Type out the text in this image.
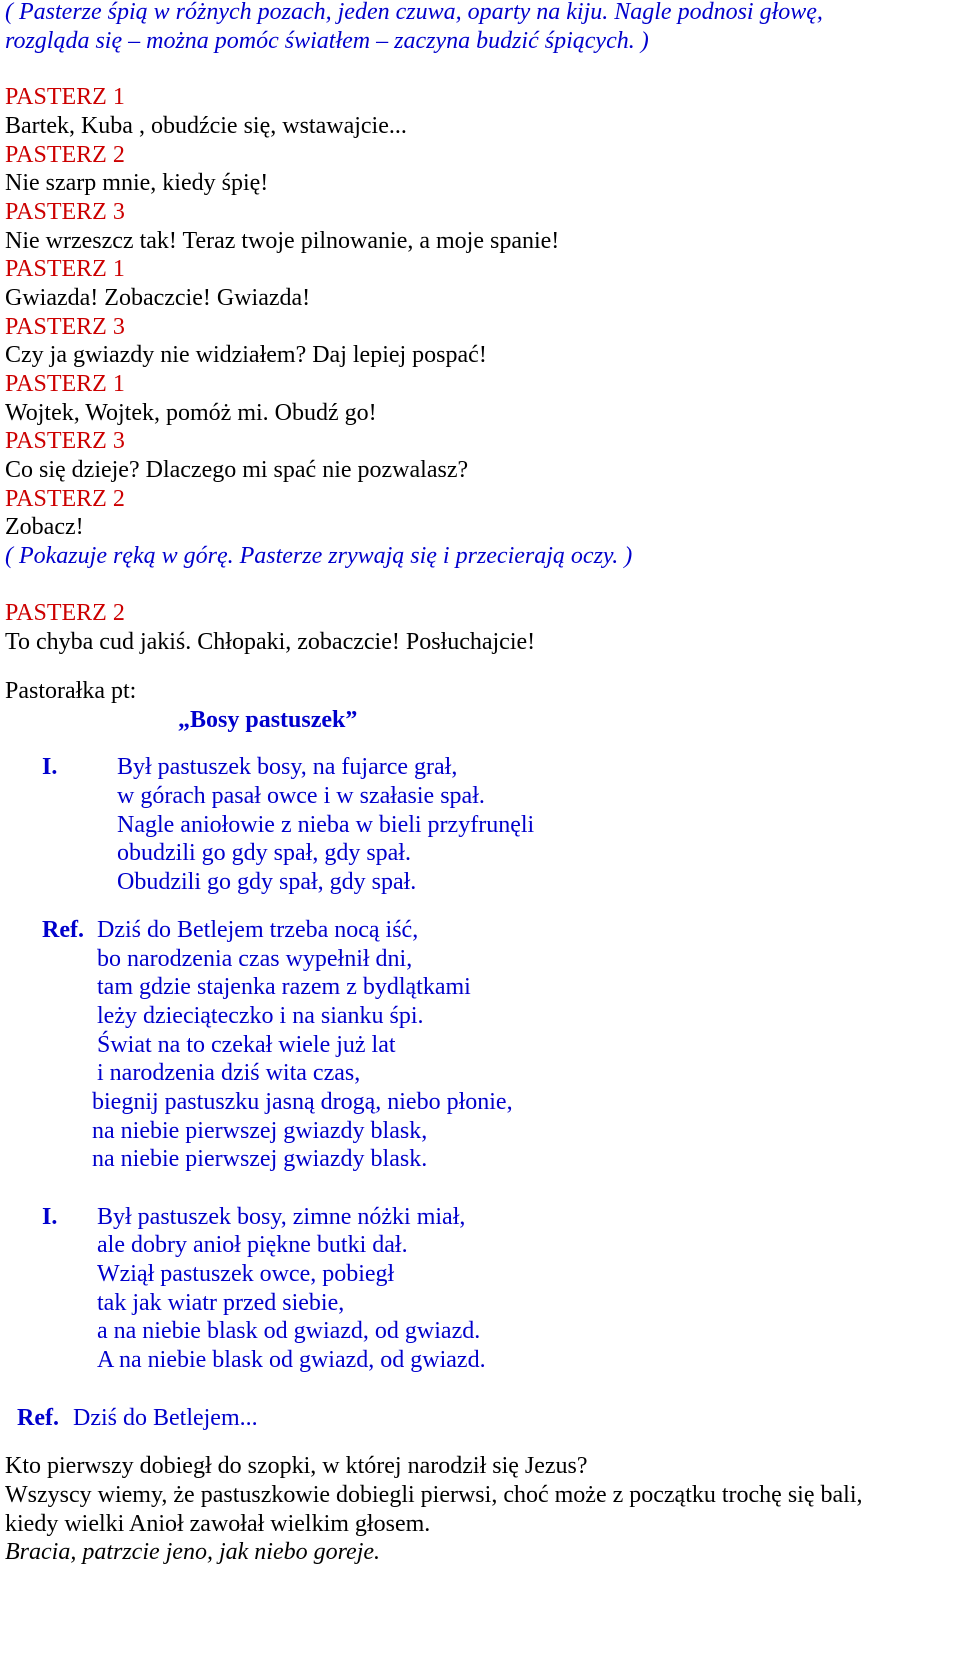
( Pasterze śpią w różnych pozach, jeden czuwa, oparty na kiju. Nagle podnosi głowę,
rozgląda się – można pomóc światłem – zaczyna budzić śpiących. )
PASTERZ 1
Bartek, Kuba , obudźcie się, wstawajcie...
PASTERZ 2
Nie szarp mnie, kiedy śpię!
PASTERZ 3
Nie wrzeszcz tak! Teraz twoje pilnowanie, a moje spanie!
PASTERZ 1
Gwiazda! Zobaczcie! Gwiazda!
PASTERZ 3
Czy ja gwiazdy nie widziałem? Daj lepiej pospać!
PASTERZ 1
Wojtek, Wojtek, pomóż mi. Obudź go!
PASTERZ 3
Co się dzieje? Dlaczego mi spać nie pozwalasz?
PASTERZ 2
Zobacz!
( Pokazuje ręką w górę. Pasterze zrywają się i przecierają oczy. )
PASTERZ 2
To chyba cud jakiś. Chłopaki, zobaczcie! Posłuchajcie!
Pastorałka pt:
„Bosy pastuszek”
I. Był pastuszek bosy, na fujarce grał,
w górach pasał owce i w szałasie spał.
Nagle aniołowie z nieba w bieli przyfrunęli
obudzili go gdy spał, gdy spał.
Obudzili go gdy spał, gdy spał.
Ref. Dziś do Betlejem trzeba nocą iść,
bo narodzenia czas wypełnił dni,
tam gdzie stajenka razem z bydlątkami
leży dzieciąteczko i na sianku śpi.
Świat na to czekał wiele już lat
i narodzenia dziś wita czas,
biegnij pastuszku jasną drogą, niebo płonie,
na niebie pierwszej gwiazdy blask,
na niebie pierwszej gwiazdy blask.
I. Był pastuszek bosy, zimne nóżki miał,
ale dobry anioł piękne butki dał.
Wziął pastuszek owce, pobiegł
tak jak wiatr przed siebie,
a na niebie blask od gwiazd, od gwiazd.
A na niebie blask od gwiazd, od gwiazd.
Ref. Dziś do Betlejem...
Kto pierwszy dobiegł do szopki, w której narodził się Jezus?
Wszyscy wiemy, że pastuszkowie dobiegli pierwsi, choć może z początku trochę się bali,
kiedy wielki Anioł zawołał wielkim głosem.
Bracia, patrzcie jeno, jak niebo goreje.
